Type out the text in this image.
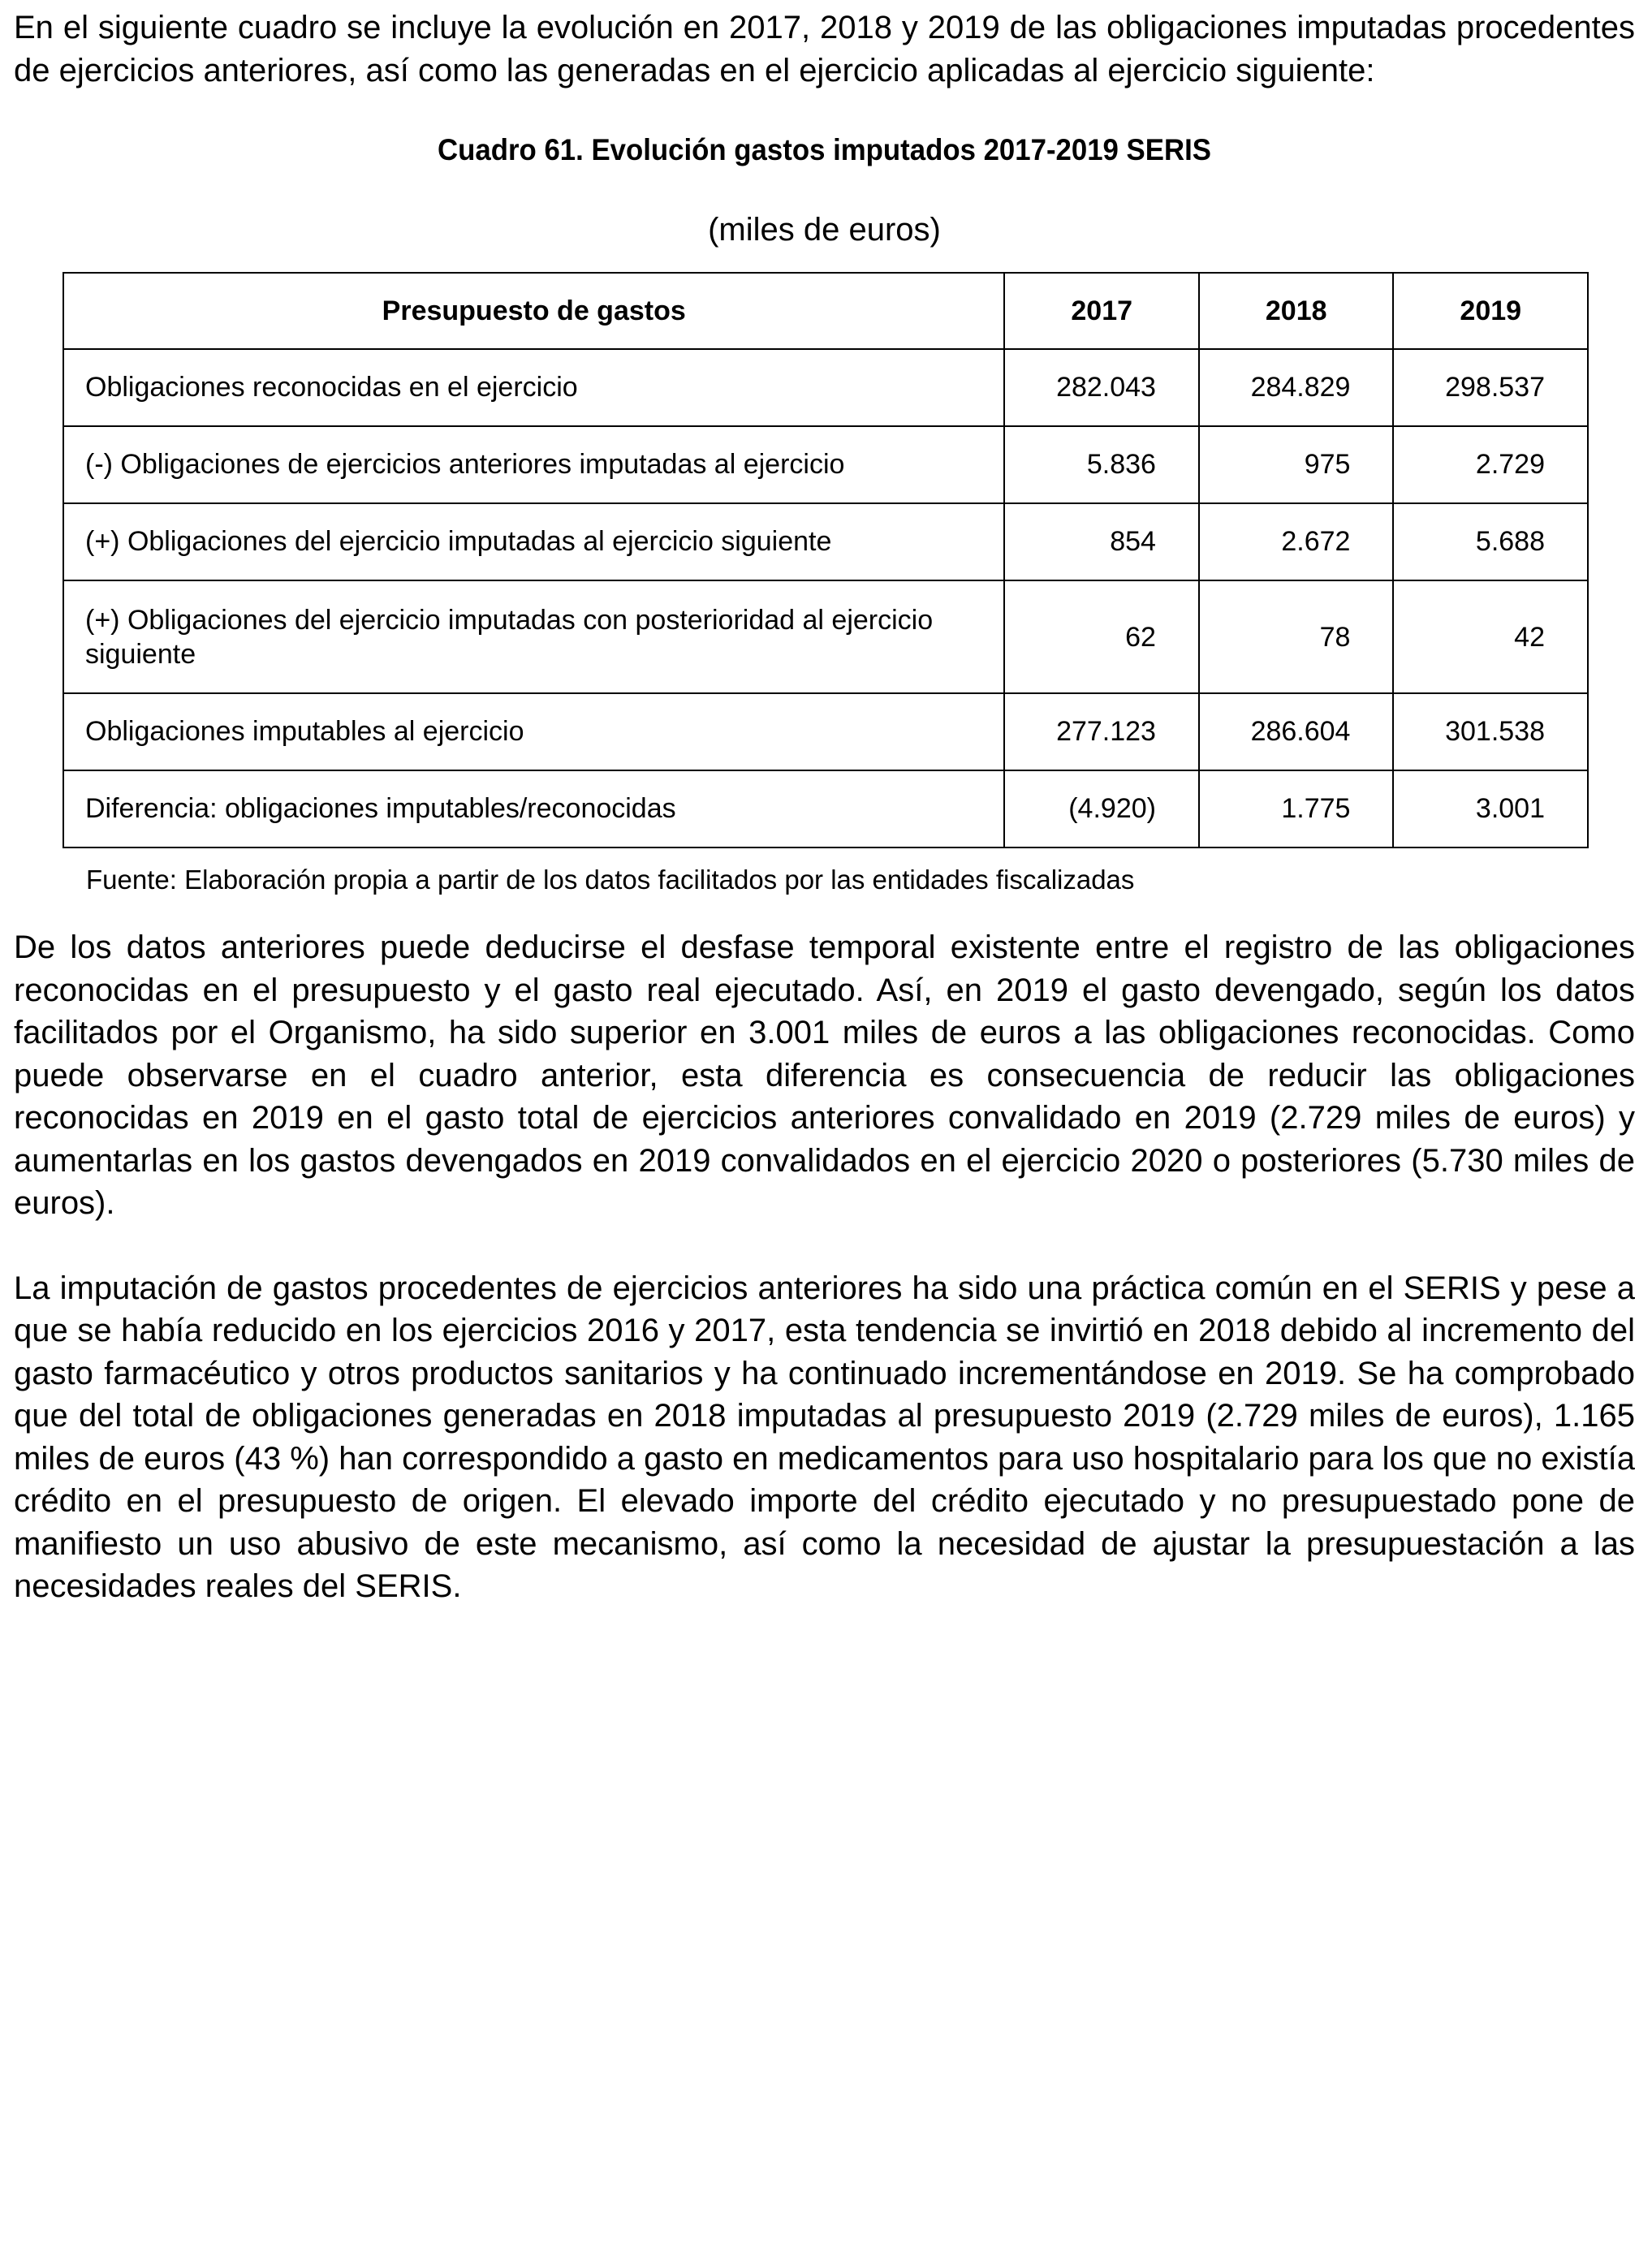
En el siguiente cuadro se incluye la evolución en 2017, 2018 y 2019 de las obligaciones imputadas procedentes de ejercicios anteriores, así como las generadas en el ejercicio aplicadas al ejercicio siguiente:

Cuadro 61. Evolución gastos imputados 2017-2019 SERIS
(miles de euros)
Presupuesto de gastos	2017	2018	2019
Obligaciones reconocidas en el ejercicio	282.043	284.829	298.537
(-) Obligaciones de ejercicios anteriores imputadas al ejercicio	5.836	975	2.729
(+) Obligaciones del ejercicio imputadas al ejercicio siguiente	854	2.672	5.688
(+) Obligaciones del ejercicio imputadas con posterioridad al ejercicio siguiente	62	78	42
Obligaciones imputables al ejercicio	277.123	286.604	301.538
Diferencia: obligaciones imputables/reconocidas	(4.920)	1.775	3.001
Fuente: Elaboración propia a partir de los datos facilitados por las entidades fiscalizadas

De los datos anteriores puede deducirse el desfase temporal existente entre el registro de las obligaciones reconocidas en el presupuesto y el gasto real ejecutado. Así, en 2019 el gasto devengado, según los datos facilitados por el Organismo, ha sido superior en 3.001 miles de euros a las obligaciones reconocidas. Como puede observarse en el cuadro anterior, esta diferencia es consecuencia de reducir las obligaciones reconocidas en 2019 en el gasto total de ejercicios anteriores convalidado en 2019 (2.729 miles de euros) y aumentarlas en los gastos devengados en 2019 convalidados en el ejercicio 2020 o posteriores (5.730 miles de euros).

La imputación de gastos procedentes de ejercicios anteriores ha sido una práctica común en el SERIS y pese a que se había reducido en los ejercicios 2016 y 2017, esta tendencia se invirtió en 2018 debido al incremento del gasto farmacéutico y otros productos sanitarios y ha continuado incrementándose en 2019. Se ha comprobado que del total de obligaciones generadas en 2018 imputadas al presupuesto 2019 (2.729 miles de euros), 1.165 miles de euros (43 %) han correspondido a gasto en medicamentos para uso hospitalario para los que no existía crédito en el presupuesto de origen. El elevado importe del crédito ejecutado y no presupuestado pone de manifiesto un uso abusivo de este mecanismo, así como la necesidad de ajustar la presupuestación a las necesidades reales del SERIS.
